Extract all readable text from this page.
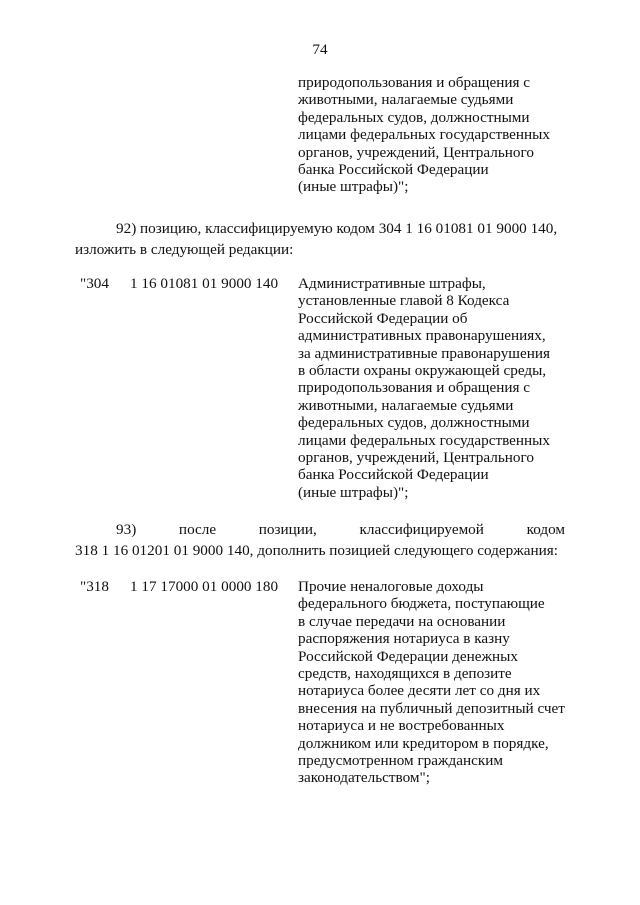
74
природопользования и обращения с
животными, налагаемые судьями
федеральных судов, должностными
лицами федеральных государственных
органов, учреждений, Центрального
банка Российской Федерации
(иные штрафы)";
92) позицию, классифицируемую кодом 304 1 16 01081 01 9000 140,
изложить в следующей редакции:
"304 1 16 01081 01 9000 140 Административные штрафы,
установленные главой 8 Кодекса
Российской Федерации об
административных правонарушениях,
за административные правонарушения
в области охраны окружающей среды,
природопользования и обращения с
животными, налагаемые судьями
федеральных судов, должностными
лицами федеральных государственных
органов, учреждений, Центрального
банка Российской Федерации
(иные штрафы)";
93) после позиции, классифицируемой кодом
318 1 16 01201 01 9000 140, дополнить позицией следующего содержания:
"318 1 17 17000 01 0000 180 Прочие неналоговые доходы
федерального бюджета, поступающие
в случае передачи на основании
распоряжения нотариуса в казну
Российской Федерации денежных
средств, находящихся в депозите
нотариуса более десяти лет со дня их
внесения на публичный депозитный счет
нотариуса и не востребованных
должником или кредитором в порядке,
предусмотренном гражданским
законодательством";
